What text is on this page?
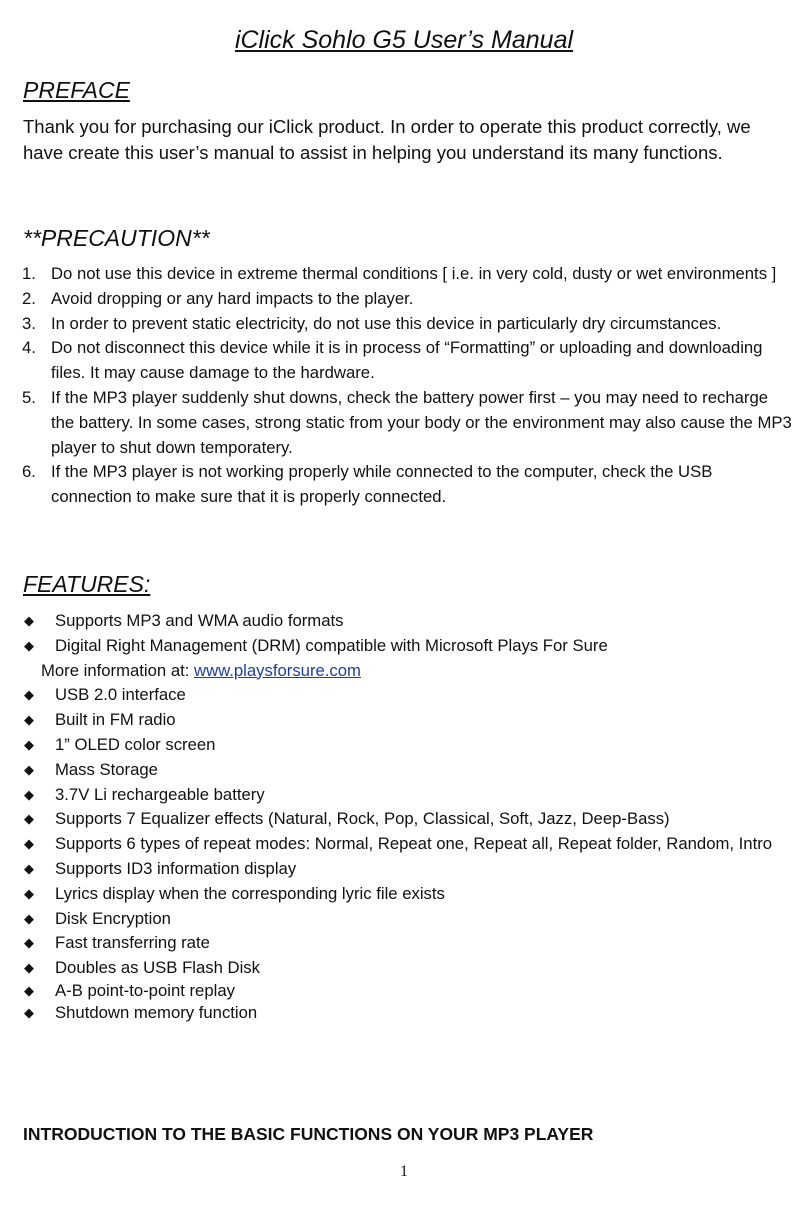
iClick Sohlo G5 User’s Manual
PREFACE
Thank you for purchasing our iClick product. In order to operate this product correctly, we have create this user’s manual to assist in helping you understand its many functions.
**PRECAUTION**
1. Do not use this device in extreme thermal conditions [ i.e. in very cold, dusty or wet environments ]
2. Avoid dropping or any hard impacts to the player.
3. In order to prevent static electricity, do not use this device in particularly dry circumstances.
4. Do not disconnect this device while it is in process of “Formatting” or uploading and downloading files. It may cause damage to the hardware.
5. If the MP3 player suddenly shut downs, check the battery power first – you may need to recharge the battery. In some cases, strong static from your body or the environment may also cause the MP3 player to shut down temporatery.
6. If the MP3 player is not working properly while connected to the computer, check the USB connection to make sure that it is properly connected.
FEATURES:
◆ Supports MP3 and WMA audio formats
◆ Digital Right Management (DRM) compatible with Microsoft Plays For Sure
More information at: www.playsforsure.com
◆ USB 2.0 interface
◆ Built in FM radio
◆ 1” OLED color screen
◆ Mass Storage
◆ 3.7V Li rechargeable battery
◆ Supports 7 Equalizer effects (Natural, Rock, Pop, Classical, Soft, Jazz, Deep-Bass)
◆ Supports 6 types of repeat modes: Normal, Repeat one, Repeat all, Repeat folder, Random, Intro
◆ Supports ID3 information display
◆ Lyrics display when the corresponding lyric file exists
◆ Disk Encryption
◆ Fast transferring rate
◆ Doubles as USB Flash Disk
◆ A-B point-to-point replay
◆ Shutdown memory function
INTRODUCTION TO THE BASIC FUNCTIONS ON YOUR MP3 PLAYER
1
